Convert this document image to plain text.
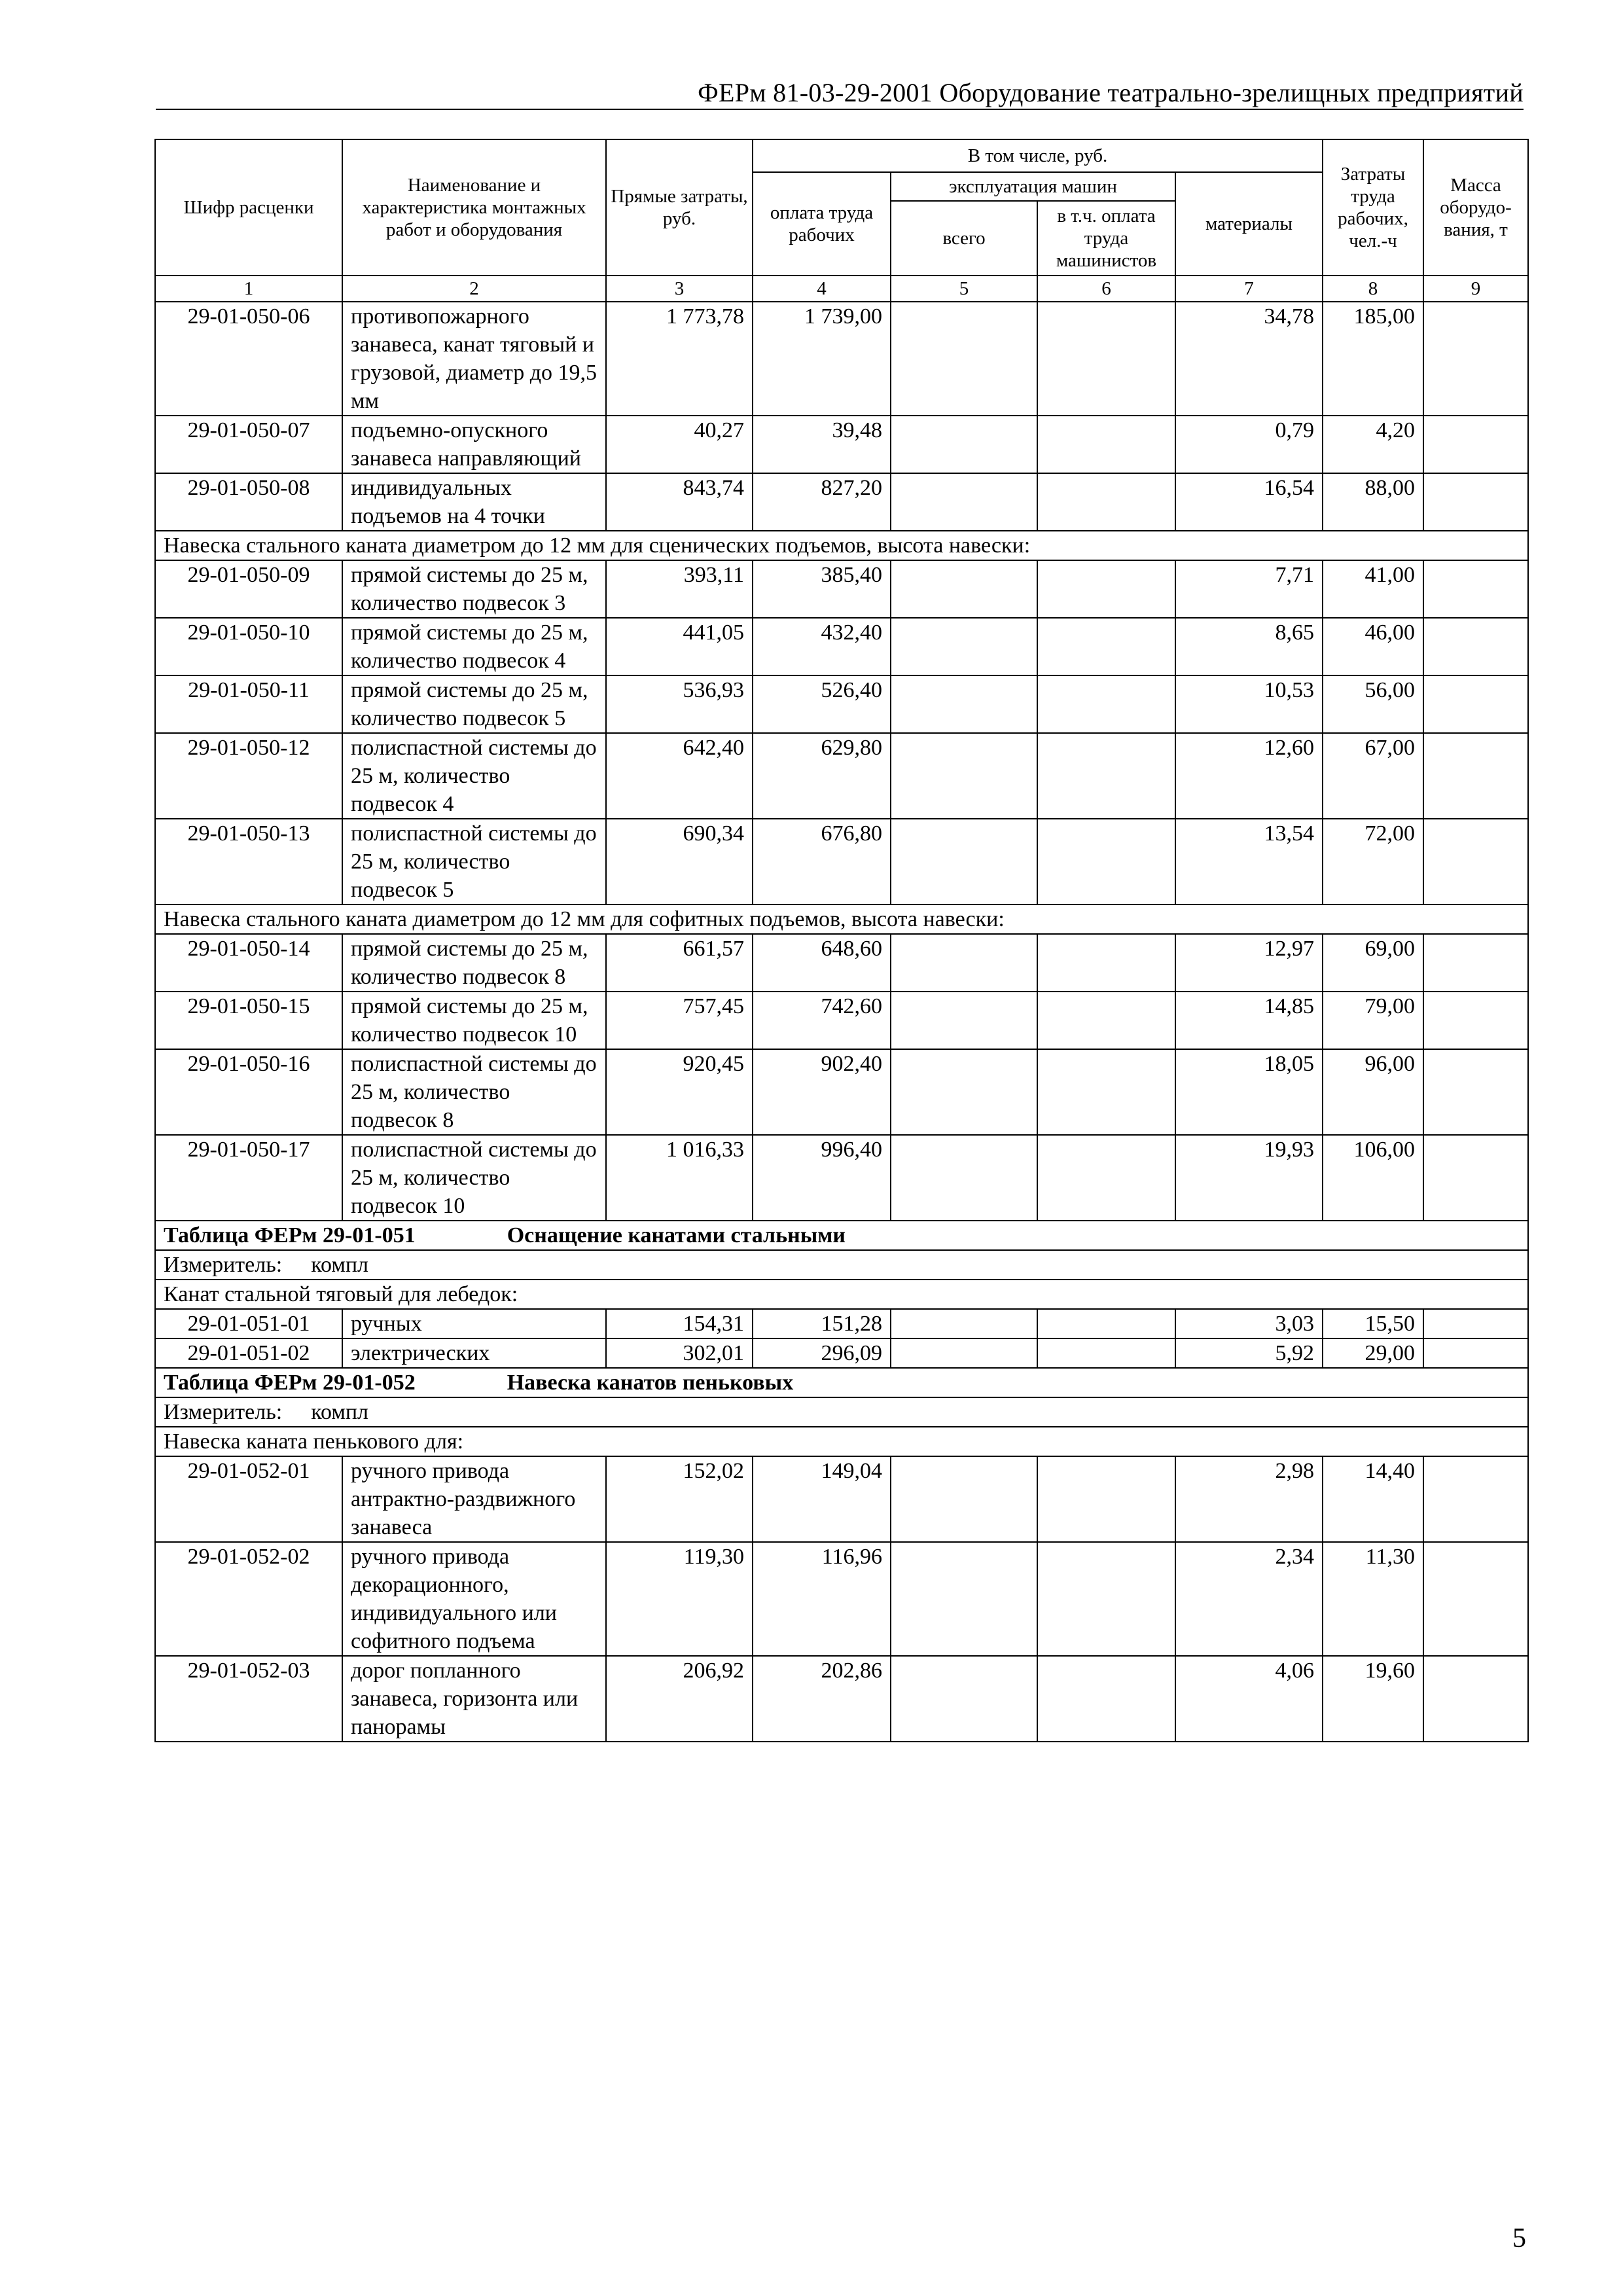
ФЕРм 81-03-29-2001 Оборудование театрально-зрелищных предприятий
Шифр расценки	Наименование и характеристика монтажных работ и оборудования	Прямые затраты, руб.	В том числе, руб.				Затраты труда рабочих, чел.-ч	Масса оборудо-вания, т
			оплата труда рабочих	эксплуатация машин		материалы		
				всего	в т.ч. оплата труда машинистов			
1	2	3	4	5	6	7	8	9
29-01-050-06	противопожарного занавеса, канат тяговый и грузовой, диаметр до 19,5 мм	1 773,78	1 739,00			34,78	185,00	
29-01-050-07	подъемно-опускного занавеса направляющий	40,27	39,48			0,79	4,20	
29-01-050-08	индивидуальных подъемов на 4 точки	843,74	827,20			16,54	88,00	
Навеска стального каната диаметром до 12 мм для сценических подъемов, высота навески:								
29-01-050-09	прямой системы до 25 м, количество подвесок 3	393,11	385,40			7,71	41,00	
29-01-050-10	прямой системы до 25 м, количество подвесок 4	441,05	432,40			8,65	46,00	
29-01-050-11	прямой системы до 25 м, количество подвесок 5	536,93	526,40			10,53	56,00	
29-01-050-12	полиспастной системы до 25 м, количество подвесок 4	642,40	629,80			12,60	67,00	
29-01-050-13	полиспастной системы до 25 м, количество подвесок 5	690,34	676,80			13,54	72,00	
Навеска стального каната диаметром до 12 мм для софитных подъемов, высота навески:								
29-01-050-14	прямой системы до 25 м, количество подвесок 8	661,57	648,60			12,97	69,00	
29-01-050-15	прямой системы до 25 м, количество подвесок 10	757,45	742,60			14,85	79,00	
29-01-050-16	полиспастной системы до 25 м, количество подвесок 8	920,45	902,40			18,05	96,00	
29-01-050-17	полиспастной системы до 25 м, количество подвесок 10	1 016,33	996,40			19,93	106,00	
Таблица ФЕРм 29-01-051 Оснащение канатами стальными								
Измеритель: компл								
Канат стальной тяговый для лебедок:								
29-01-051-01	ручных	154,31	151,28			3,03	15,50	
29-01-051-02	электрических	302,01	296,09			5,92	29,00	
Таблица ФЕРм 29-01-052 Навеска канатов пеньковых								
Измеритель: компл								
Навеска каната пенькового для:								
29-01-052-01	ручного привода антрактно-раздвижного занавеса	152,02	149,04			2,98	14,40	
29-01-052-02	ручного привода декорационного, индивидуального или софитного подъема	119,30	116,96			2,34	11,30	
29-01-052-03	дорог попланного занавеса, горизонта или панорамы	206,92	202,86			4,06	19,60	
5
